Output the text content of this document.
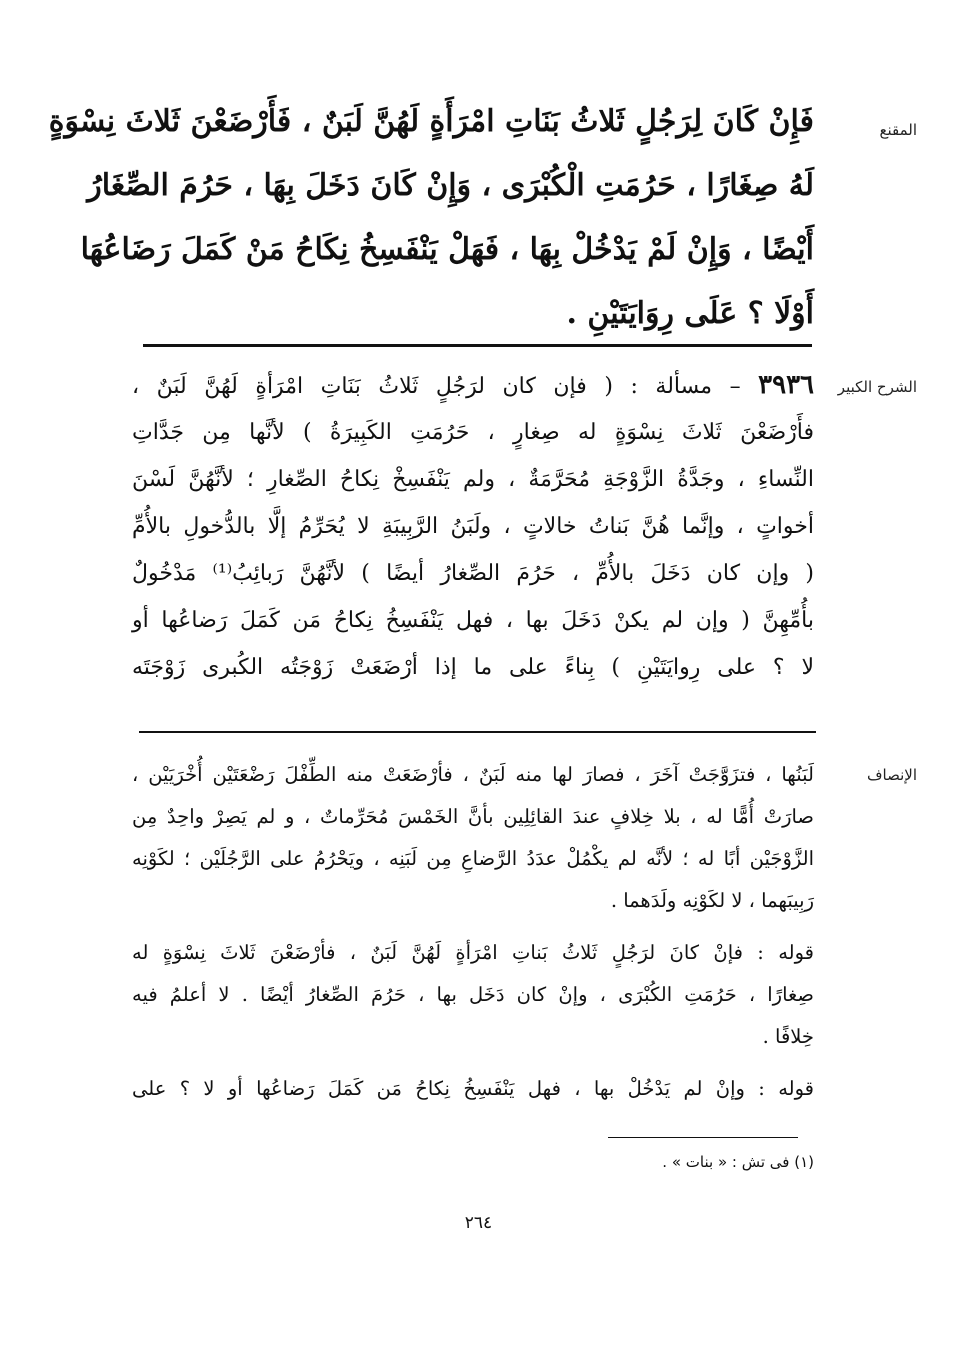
المقنع
فَإِنْ كَانَ لِرَجُلٍ ثَلاثُ بَنَاتِ امْرَأَةٍ لَهُنَّ لَبَنٌ ، فَأَرْضَعْنَ ثَلاثَ نِسْوَةٍ
لَهُ صِغَارًا ، حَرُمَتِ الْكُبْرَى ، وَإِنْ كَانَ دَخَلَ بِهَا ، حَرُمَ الصِّغَارُ
أَيْضًا ، وَإِنْ لَمْ يَدْخُلْ بِهَا ، فَهَلْ يَنْفَسِخُ نِكَاحُ مَنْ كَمَلَ رَضَاعُهَا
أَوْلَا ؟ عَلَى رِوَايَتَيْنِ .
الشرح الكبير
٣٩٣٦ – مسألة : ( فإن كان لرَجُلٍ ثَلاثُ بَنَاتِ امْرَأةٍ لَهُنَّ لَبَنٌ ،
فأَرْضَعْنَ ثَلاثَ نِسْوَةٍ له صِغارٍ ، حَرُمَتِ الكَبِيرَةُ ) لأنَّها مِن جَدَّاتِ
النِّساءِ ، وجَدَّةُ الزَّوْجَةِ مُحَرَّمَةٌ ، ولم يَنْفَسِخْ نِكاحُ الصِّغارِ ؛ لأنَّهُنَّ لَسْنَ
أخواتٍ ، وإنَّما هُنَّ بَناتُ خالاتٍ ، ولَبَنُ الرَّبِيبَةِ لا يُحَرِّمُ إلَّا بالدُّخولِ بالأُمِّ
( وإن كان دَخَلَ بالأُمِّ ، حَرُمَ الصِّغارُ أيضًا ) لأنَّهُنَّ رَبائِبُ⁽¹⁾ مَدْخُولٌ
بأُمِّهِنَّ ( وإن لم يكنْ دَخَلَ بها ، فهل يَنْفَسِخُ نِكاحُ مَن كَمَلَ رَضاعُها أو
لا ؟ على رِوايَتَيْنِ ) بِناءً على ما إذا أرْضَعَتْ زَوْجَتُه الكُبرى زَوْجَتَه
الإنصاف
لَبَنُها ، فتزَوَّجَتْ آخَرَ ، فصارَ لها منه لَبَنٌ ، فأرْضَعَتْ منه الطِّفْلَ رَضْعَتَيْن أُخْرَيَيْن ،
صارَتْ أُمًّا له ، بلا خِلافٍ عندَ القائِلِين بأنَّ الخَمْسَ مُحَرِّماتٌ ، و لم يَصِرْ واحِدٌ مِن
الزَّوْجَيْن أبًا له ؛ لأنَّه لم يكْمُلْ عدَدُ الرَّضاعِ مِن لَبَنِه ، ويَحْرُمُ على الرَّجُلَيْن ؛ لكَوْنِه
رَبِيبَهما ، لا لكَوْنِه ولَدَهما .
قوله : فإنْ كانَ لرَجُلٍ ثَلاثُ بَناتِ امْرَأةٍ لَهُنَّ لَبَنٌ ، فأرْضَعْنَ ثَلاثَ نِسْوَةٍ له
صِغارًا ، حَرُمَتِ الكُبْرَى ، وإنْ كان دَخَل بها ، حَرُمَ الصِّغارُ أيْضًا . لا أعلمُ فيه
خِلافًا .
قوله : وإنْ لم يَدْخُلْ بها ، فهل يَنْفَسِخُ نِكاحُ مَن كَمَلَ رَضاعُها أو لا ؟ على
(١) فى تش : « بنات » .
٢٦٤
